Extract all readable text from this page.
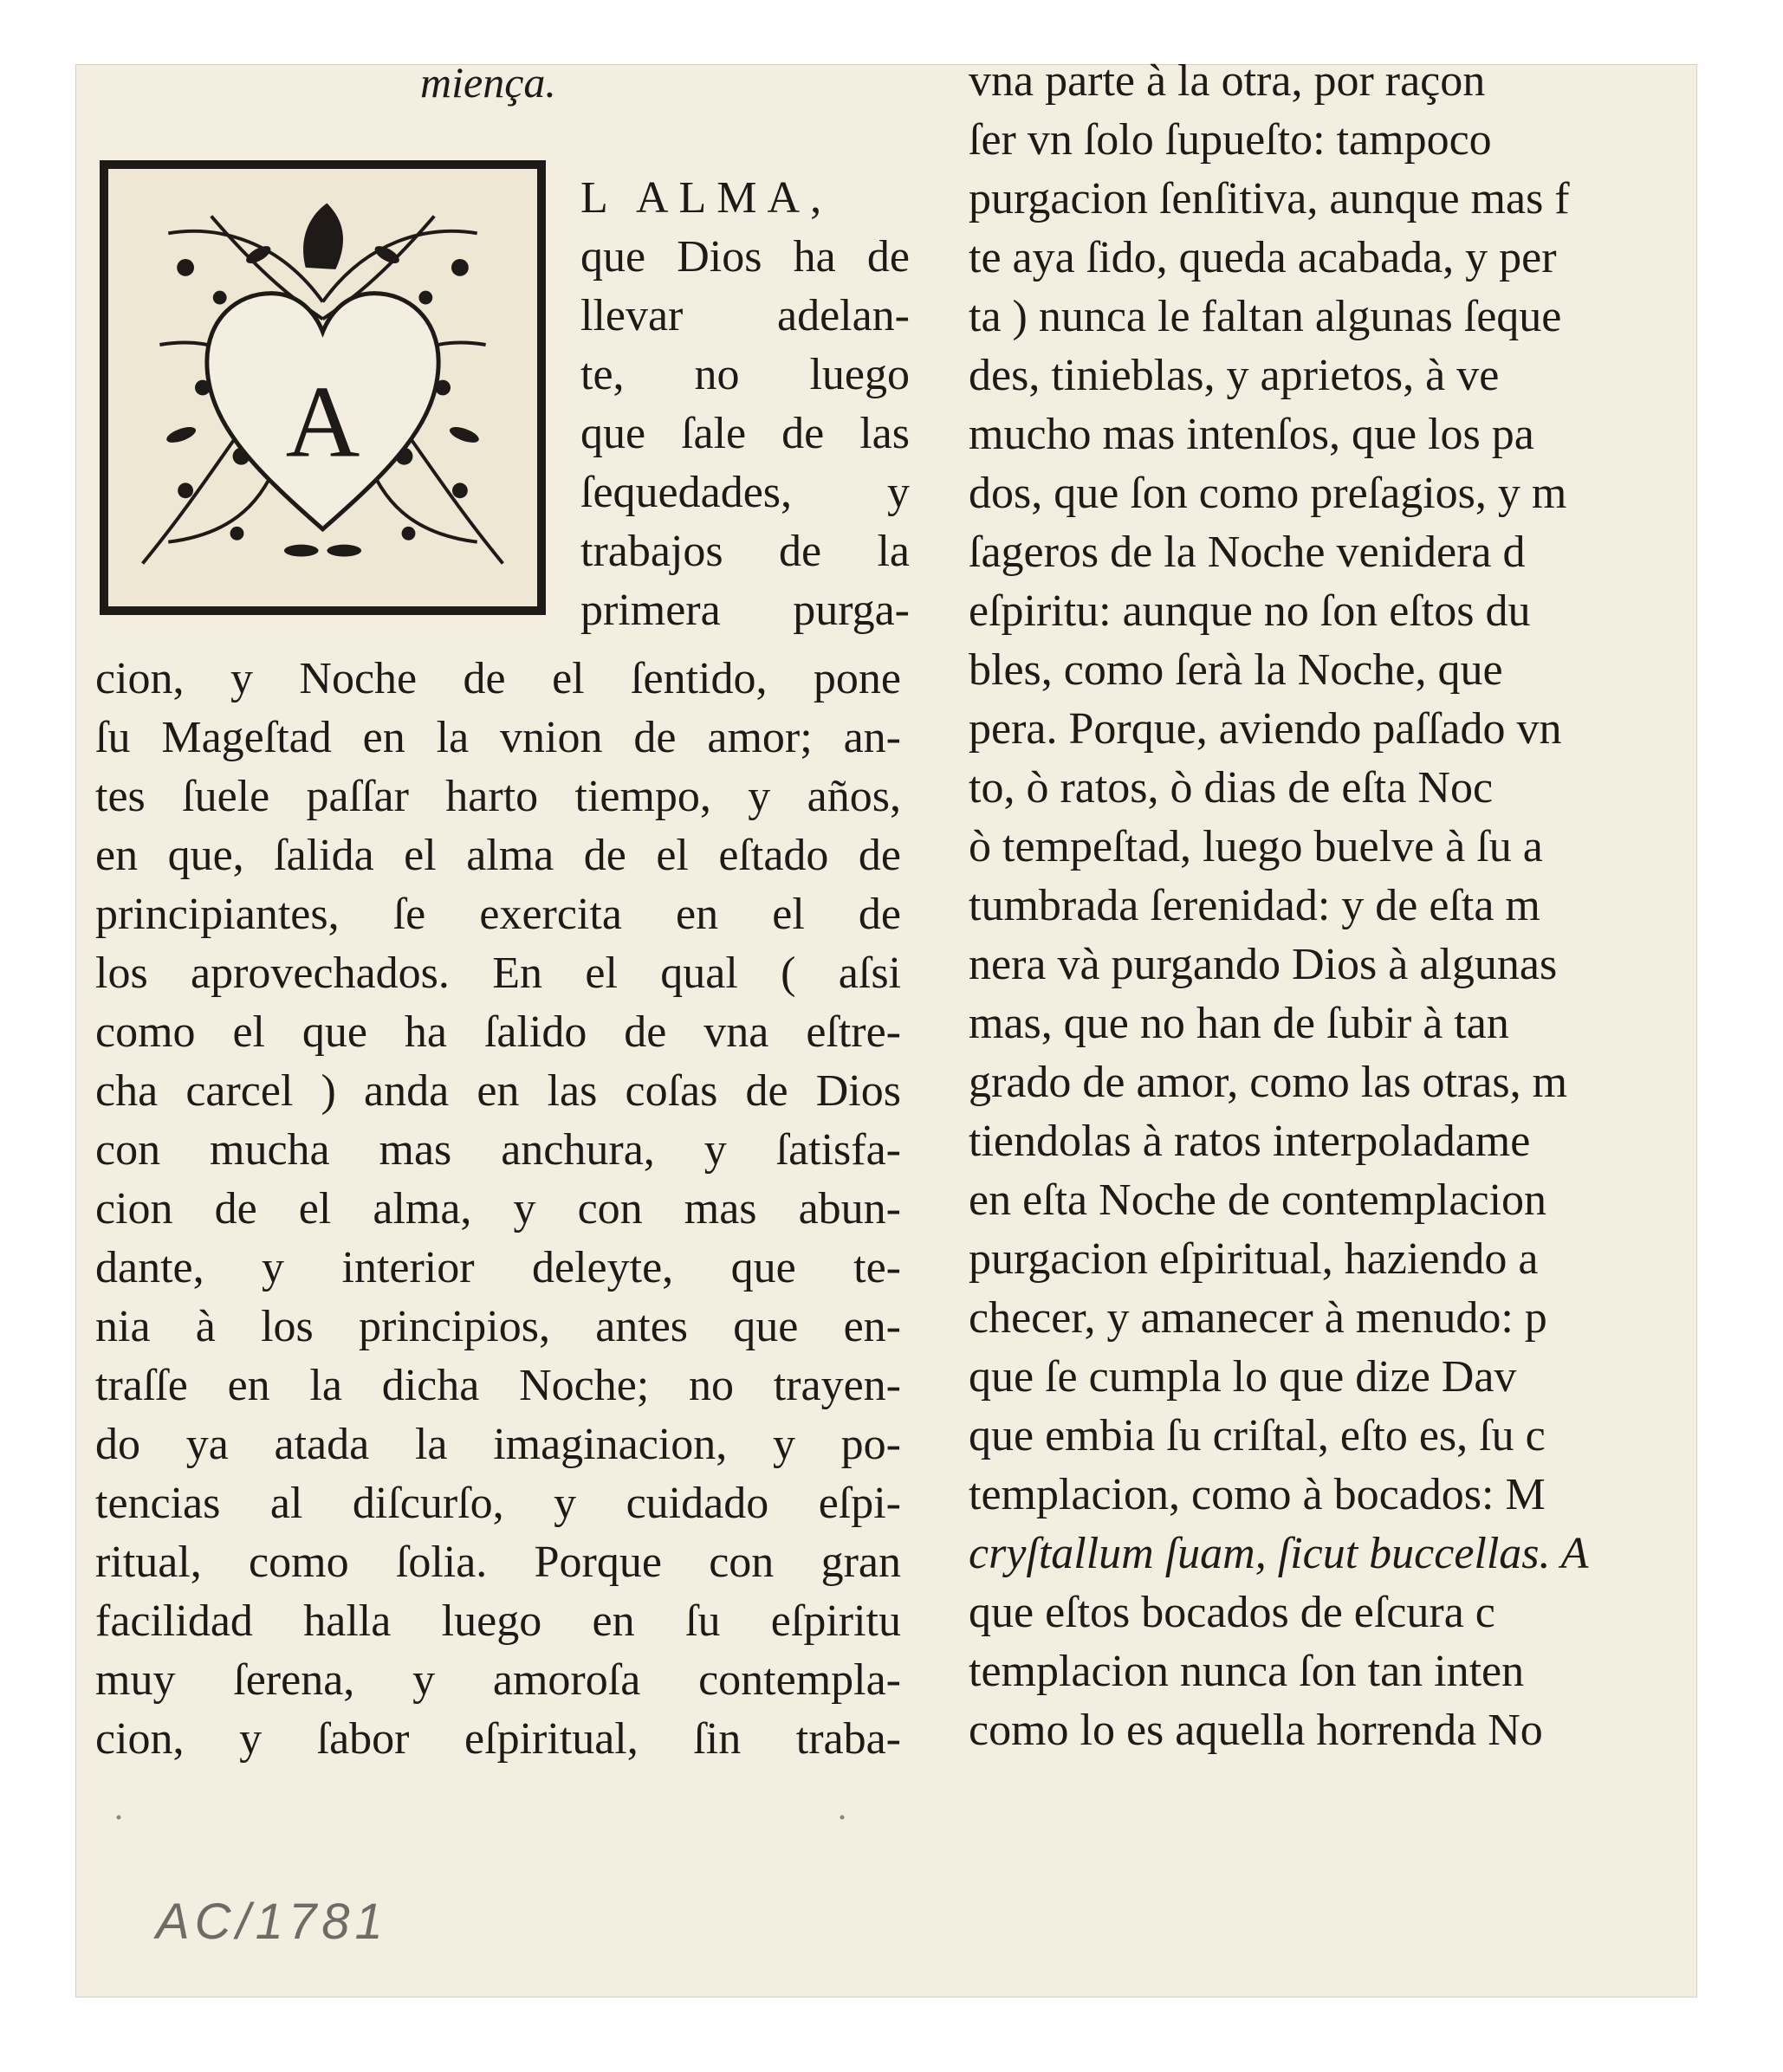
miença.
A
L ALMA,
que Dios ha de
llevar adelan-
te, no luego
que ſale de las
ſequedades, y
trabajos de la
primera purga-
cion, y Noche de el ſentido, pone
ſu Mageſtad en la vnion de amor; an-
tes ſuele paſſar harto tiempo, y años,
en que, ſalida el alma de el eſtado de
principiantes, ſe exercita en el de
los aprovechados. En el qual ( aſsi
como el que ha ſalido de vna eſtre-
cha carcel ) anda en las coſas de Dios
con mucha mas anchura, y ſatisfa-
cion de el alma, y con mas abun-
dante, y interior deleyte, que te-
nia à los principios, antes que en-
traſſe en la dicha Noche; no trayen-
do ya atada la imaginacion, y po-
tencias al diſcurſo, y cuidado eſpi-
ritual, como ſolia. Porque con gran
facilidad halla luego en ſu eſpiritu
muy ſerena, y amoroſa contempla-
cion, y ſabor eſpiritual, ſin traba-
vna parte à la otra, por raçon
ſer vn ſolo ſupueſto: tampoco
purgacion ſenſitiva, aunque mas f
te aya ſido, queda acabada, y per
ta ) nunca le faltan algunas ſeque
des, tinieblas, y aprietos, à ve
mucho mas intenſos, que los pa
dos, que ſon como preſagios, y m
ſageros de la Noche venidera d
eſpiritu: aunque no ſon eſtos du
bles, como ſerà la Noche, que
pera. Porque, aviendo paſſado vn
to, ò ratos, ò dias de eſta Noc
ò tempeſtad, luego buelve à ſu a
tumbrada ſerenidad: y de eſta m
nera và purgando Dios à algunas
mas, que no han de ſubir à tan
grado de amor, como las otras, m
tiendolas à ratos interpoladame
en eſta Noche de contemplacion
purgacion eſpiritual, haziendo a
checer, y amanecer à menudo: p
que ſe cumpla lo que dize Dav
que embia ſu criſtal, eſto es, ſu c
templacion, como à bocados: M
cryſtallum ſuam, ſicut buccellas. A
que eſtos bocados de eſcura c
templacion nunca ſon tan inten
como lo es aquella horrenda No
·	·
AC/1781
